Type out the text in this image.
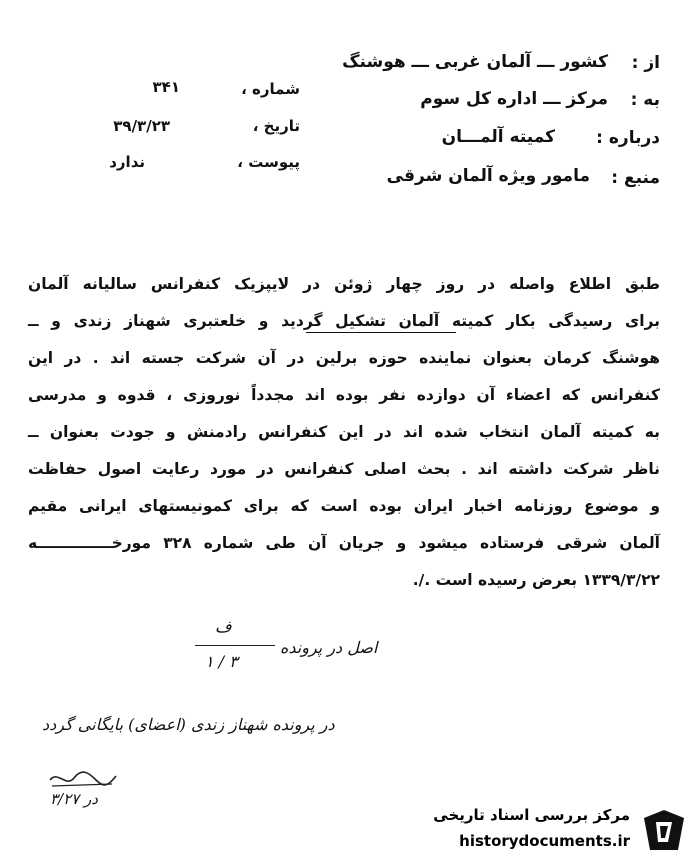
از :
کشور ـــ آلمان غربی ـــ هوشنگ
به :
مرکز ـــ اداره کل سوم
درباره :
کمیته آلمـــان
منبع :
مامور ویژه آلمان شرقی
شماره ،
۳۴۱
تاریخ ،
۳۹/۳/۲۳
پیوست ،
ندارد
طبق اطلاع واصله در روز چهار ژوئن در لایپزیک کنفرانس سالیانه آلمان
برای رسیدگی بکار کمیته آلمان تشکیل گردید و خلعتبری شهناز زندی و ــ
هوشنگ کرمان بعنوان نماینده حوزه برلین در آن شرکت جسته اند . در این
کنفرانس که اعضاء آن دوازده نفر بوده اند مجدداً نوروزی ، قدوه و مدرسی
به کمیته آلمان انتخاب شده اند در این کنفرانس رادمنش و جودت بعنوان ــ
ناظر شرکت داشته اند . بحث اصلی کنفرانس در مورد رعایت اصول حفاظت
و موضوع روزنامه اخبار ایران بوده است که برای کمونیستهای ایرانی مقیم
آلمان شرقی فرستاده میشود و جریان آن طی شماره ۳۲۸ مورخــــــــــــــه
۱۳۳۹/۳/۲۲ بعرض رسیده است ./.
ف
اصل در پرونده
۳ / ۱
در پرونده شهناز زندی (اعضای) بایگانی گردد
در ۳/۲۷
مرکز بررسی اسناد تاریخی
historydocuments.ir
